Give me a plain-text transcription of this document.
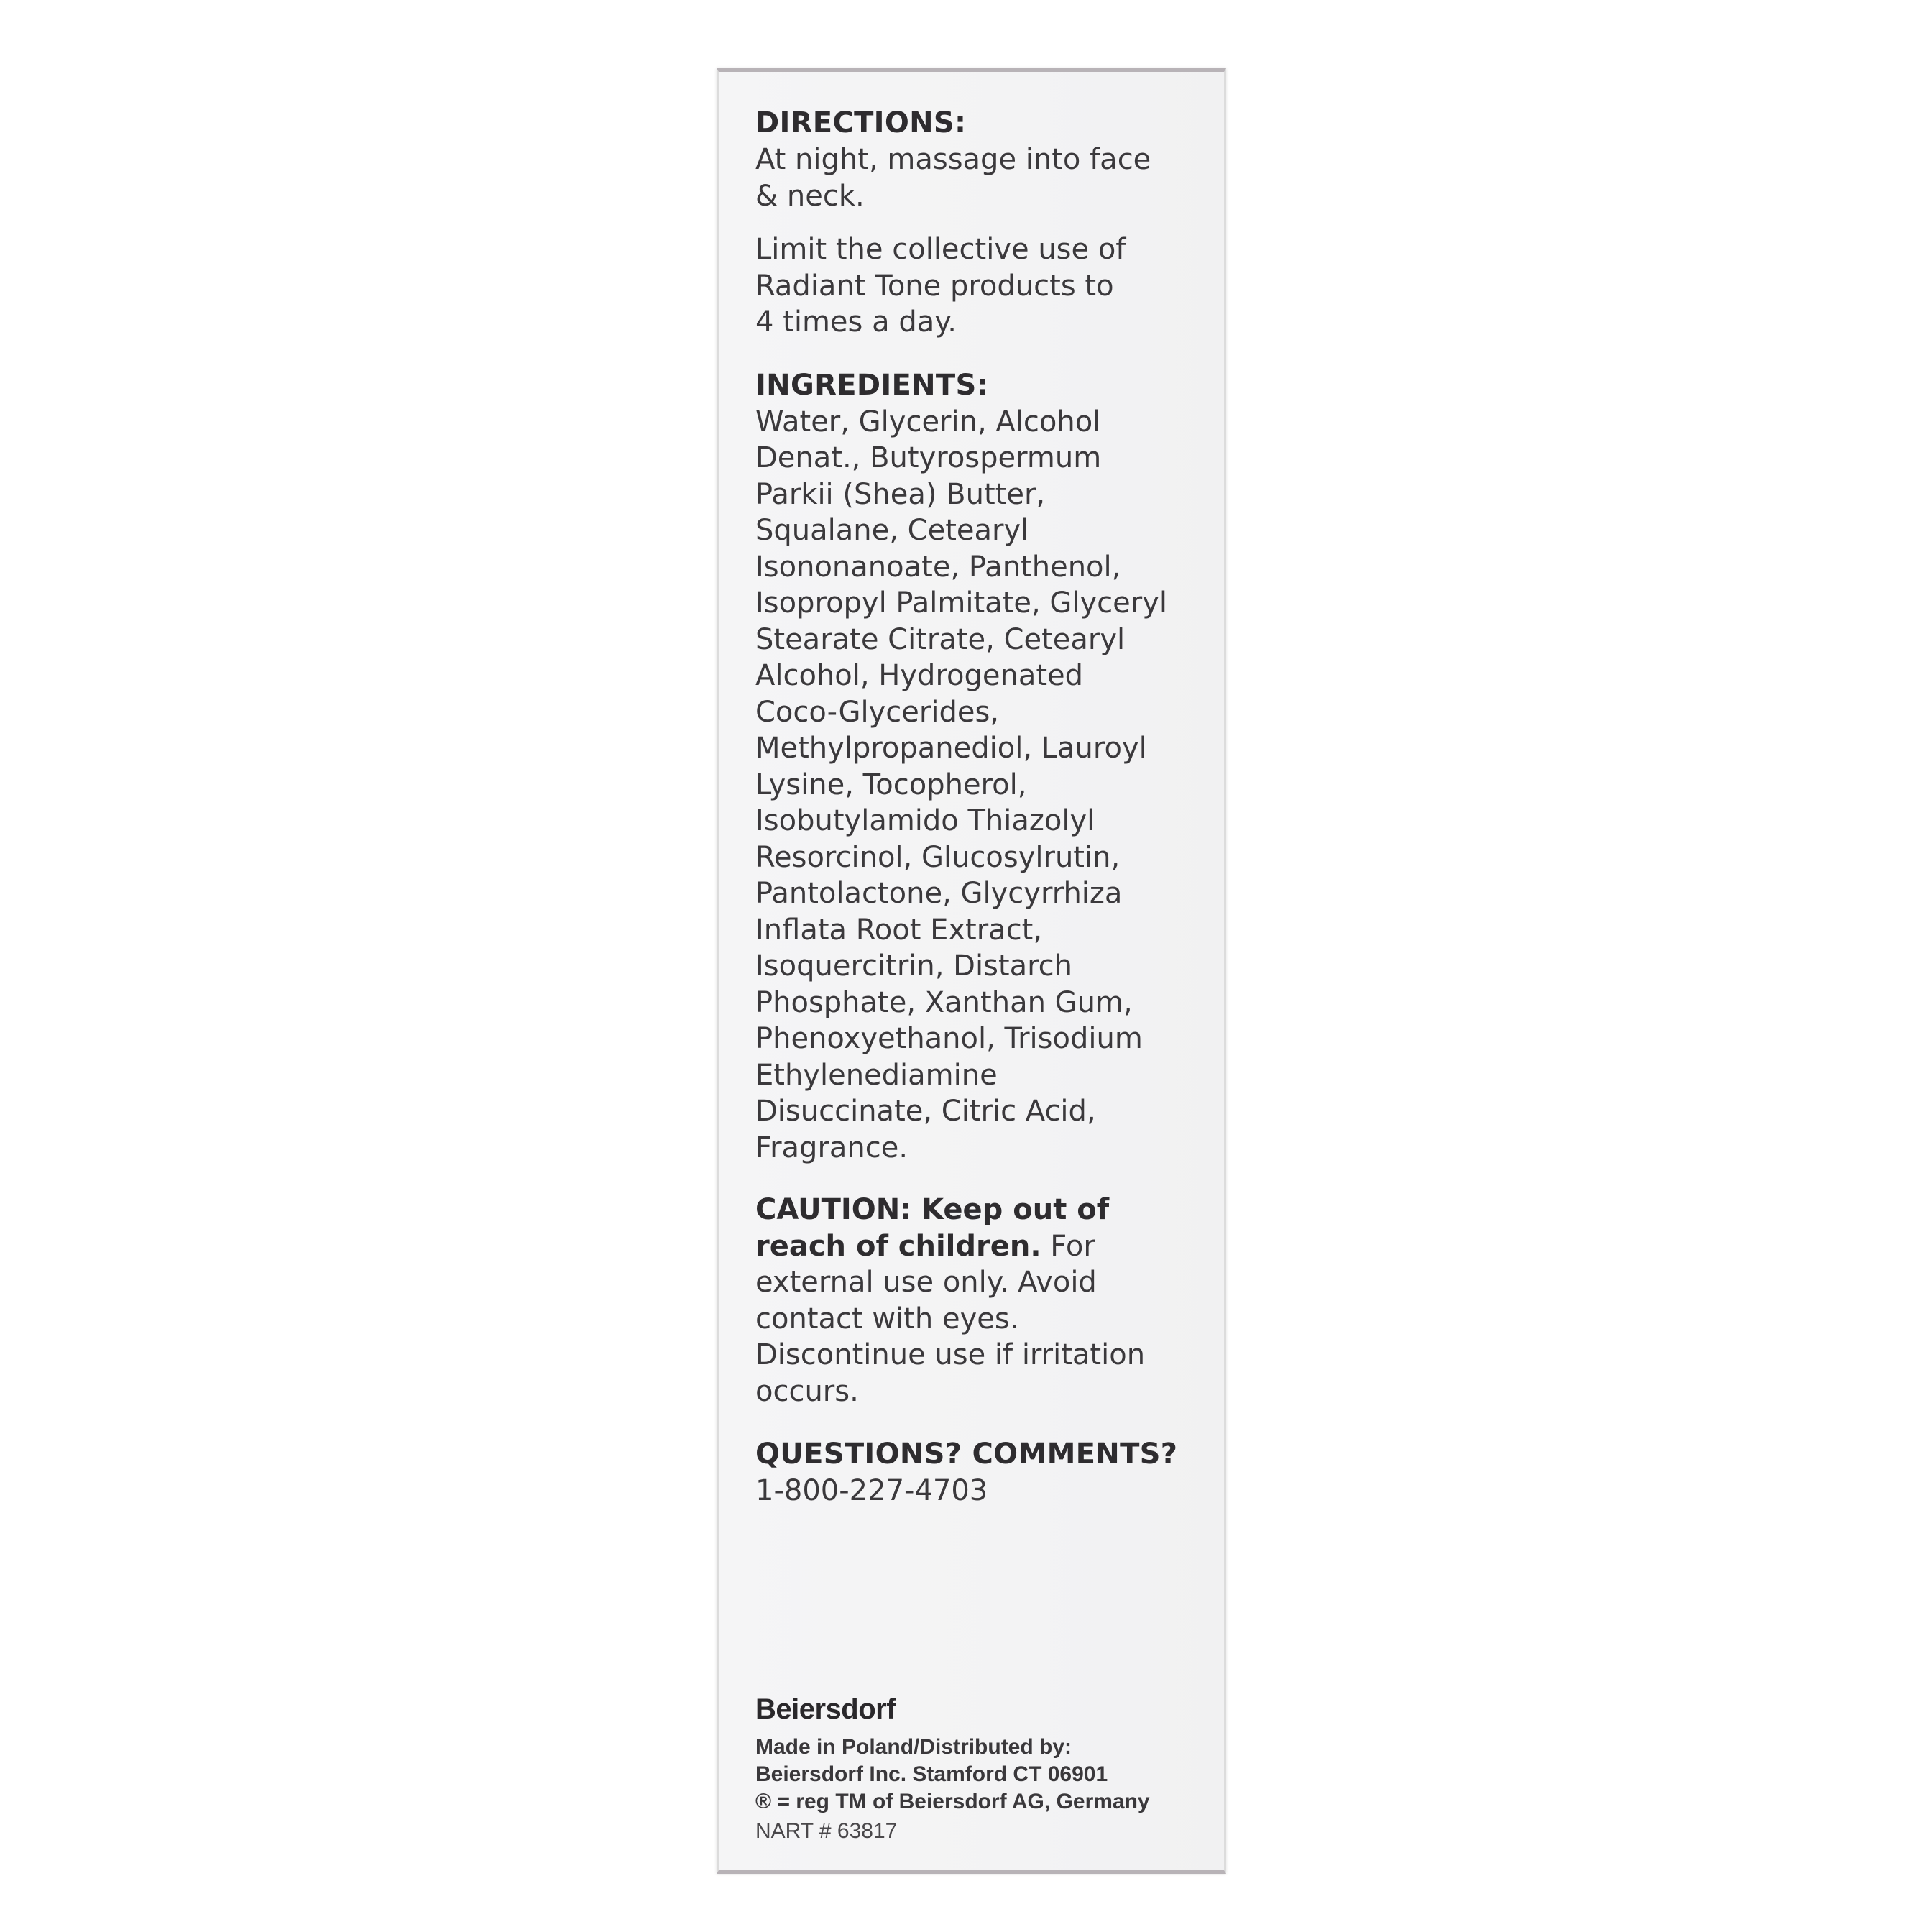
DIRECTIONS:
At night, massage into face
& neck.
Limit the collective use of
Radiant Tone products to
4 times a day.
INGREDIENTS:
Water, Glycerin, Alcohol
Denat., Butyrospermum
Parkii (Shea) Butter,
Squalane, Cetearyl
Isononanoate, Panthenol,
Isopropyl Palmitate, Glyceryl
Stearate Citrate, Cetearyl
Alcohol, Hydrogenated
Coco-Glycerides,
Methylpropanediol, Lauroyl
Lysine, Tocopherol,
Isobutylamido Thiazolyl
Resorcinol, Glucosylrutin,
Pantolactone, Glycyrrhiza
Inflata Root Extract,
Isoquercitrin, Distarch
Phosphate, Xanthan Gum,
Phenoxyethanol, Trisodium
Ethylenediamine
Disuccinate, Citric Acid,
Fragrance.
CAUTION: Keep out of
reach of children. For
external use only. Avoid
contact with eyes.
Discontinue use if irritation
occurs.
QUESTIONS? COMMENTS?
1-800-227-4703
Beiersdorf
Made in Poland/Distributed by:
Beiersdorf Inc. Stamford CT 06901
® = reg TM of Beiersdorf AG, Germany
NART # 63817
